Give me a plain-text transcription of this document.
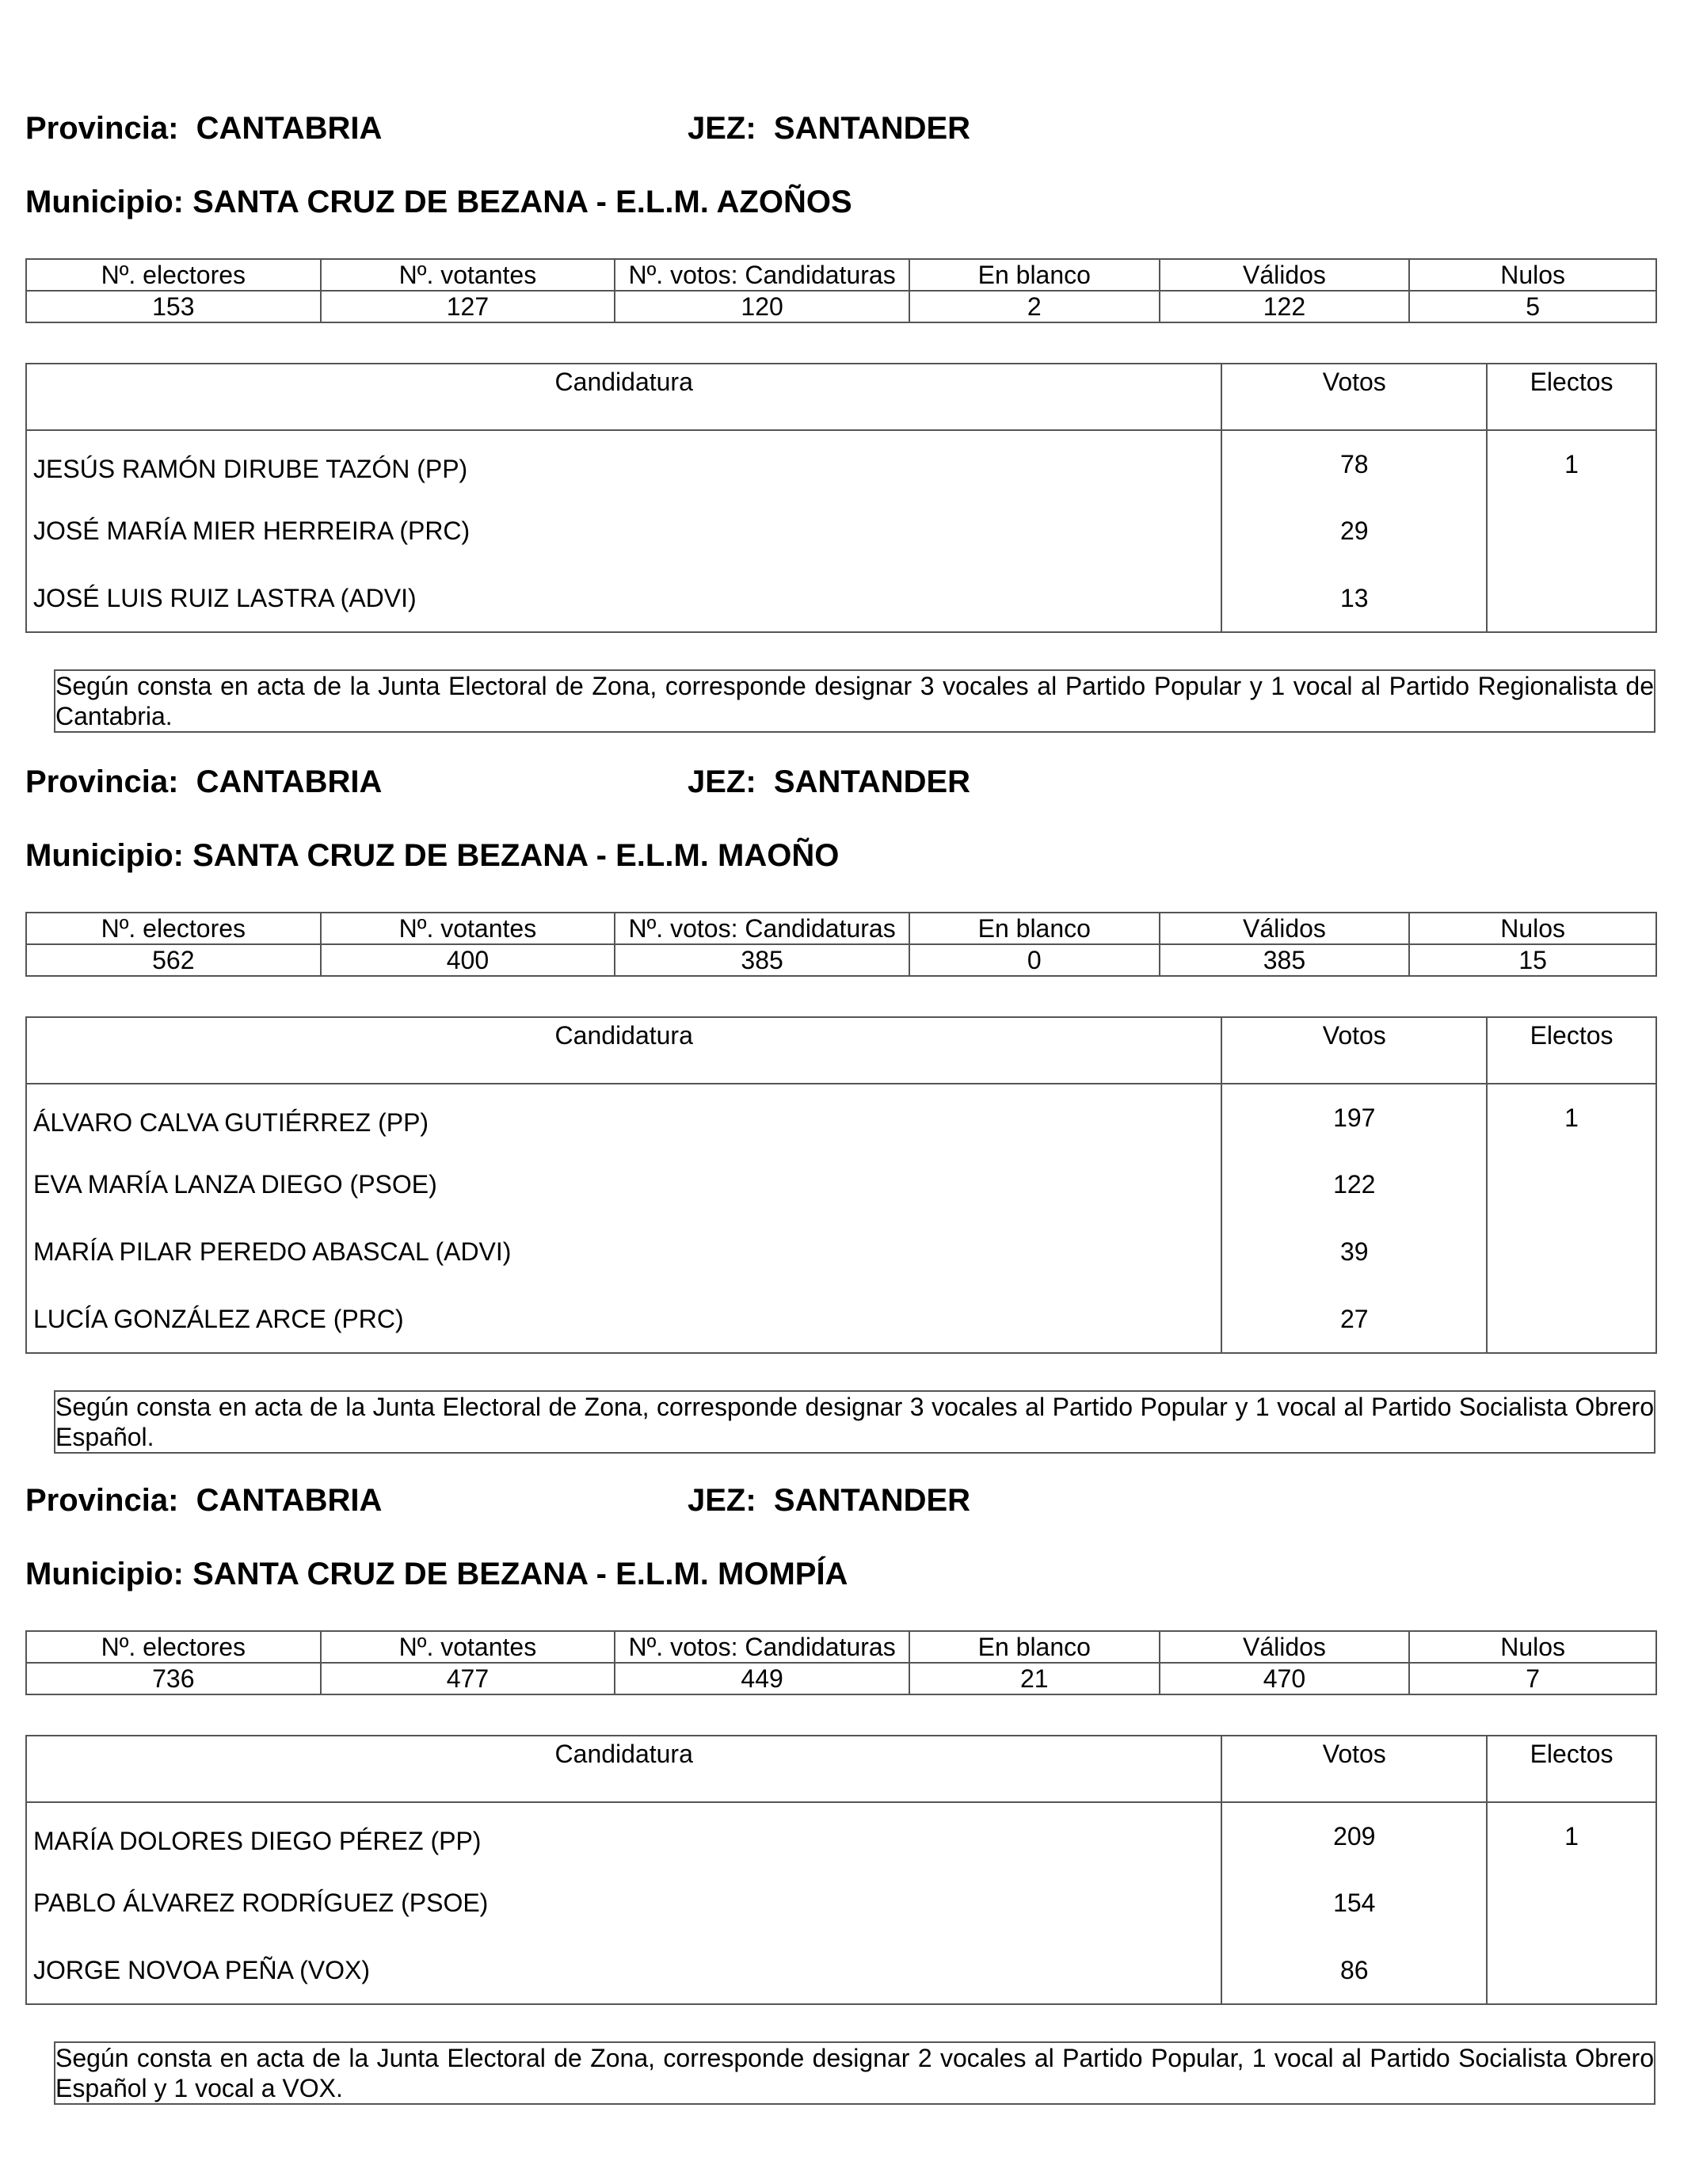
Provincia:  CANTABRIA	JEZ:  SANTANDER
Municipio: SANTA CRUZ DE BEZANA - E.L.M. AZOÑOS
Nº. electores	Nº. votantes	Nº. votos: Candidaturas	En blanco	Válidos	Nulos
153	127	120	2	122	5
Candidatura	Votos	Electos
JESÚS RAMÓN DIRUBE TAZÓN (PP)	78	1
JOSÉ MARÍA MIER HERREIRA (PRC)	29	
JOSÉ LUIS RUIZ LASTRA (ADVI)	13	
Según consta en acta de la Junta Electoral de Zona, corresponde designar 3 vocales al Partido Popular y 1 vocal al Partido Regionalista de Cantabria.
Provincia:  CANTABRIA	JEZ:  SANTANDER
Municipio: SANTA CRUZ DE BEZANA - E.L.M. MAOÑO
Nº. electores	Nº. votantes	Nº. votos: Candidaturas	En blanco	Válidos	Nulos
562	400	385	0	385	15
Candidatura	Votos	Electos
ÁLVARO CALVA GUTIÉRREZ (PP)	197	1
EVA MARÍA LANZA DIEGO (PSOE)	122	
MARÍA PILAR PEREDO ABASCAL (ADVI)	39	
LUCÍA GONZÁLEZ ARCE (PRC)	27	
Según consta en acta de la Junta Electoral de Zona, corresponde designar 3 vocales al Partido Popular y 1 vocal al Partido Socialista Obrero Español.
Provincia:  CANTABRIA	JEZ:  SANTANDER
Municipio: SANTA CRUZ DE BEZANA - E.L.M. MOMPÍA
Nº. electores	Nº. votantes	Nº. votos: Candidaturas	En blanco	Válidos	Nulos
736	477	449	21	470	7
Candidatura	Votos	Electos
MARÍA DOLORES DIEGO PÉREZ (PP)	209	1
PABLO ÁLVAREZ RODRÍGUEZ (PSOE)	154	
JORGE NOVOA PEÑA (VOX)	86	
Según consta en acta de la Junta Electoral de Zona, corresponde designar 2 vocales al Partido Popular, 1 vocal al Partido Socialista Obrero Español y 1 vocal a VOX.
